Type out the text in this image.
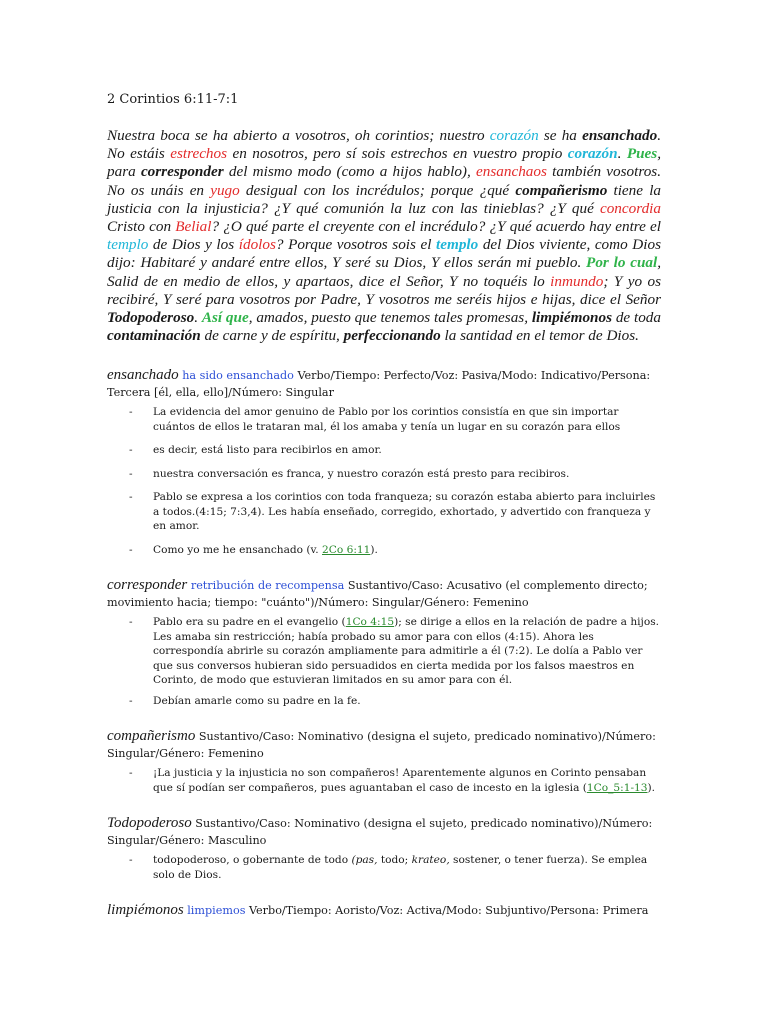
2 Corintios 6:11-7:1

Nuestra boca se ha abierto a vosotros, oh corintios; nuestro corazón se ha ensanchado. No estáis estrechos en nosotros, pero sí sois estrechos en vuestro propio corazón. Pues, para corresponder del mismo modo (como a hijos hablo), ensanchaos también vosotros. No os unáis en yugo desigual con los incrédulos; porque ¿qué compañerismo tiene la justicia con la injusticia? ¿Y qué comunión la luz con las tinieblas? ¿Y qué concordia Cristo con Belial? ¿O qué parte el creyente con el incrédulo? ¿Y qué acuerdo hay entre el templo de Dios y los ídolos? Porque vosotros sois el templo del Dios viviente, como Dios dijo: Habitaré y andaré entre ellos, Y seré su Dios, Y ellos serán mi pueblo. Por lo cual, Salid de en medio de ellos, y apartaos, dice el Señor, Y no toquéis lo inmundo; Y yo os recibiré, Y seré para vosotros por Padre, Y vosotros me seréis hijos e hijas, dice el Señor Todopoderoso. Así que, amados, puesto que tenemos tales promesas, limpiémonos de toda contaminación de carne y de espíritu, perfeccionando la santidad en el temor de Dios.

ensanchado ha sido ensanchado Verbo/Tiempo: Perfecto/Voz: Pasiva/Modo: Indicativo/Persona: Tercera [él, ella, ello]/Número: Singular

- La evidencia del amor genuino de Pablo por los corintios consistía en que sin importar cuántos de ellos le trataran mal, él los amaba y tenía un lugar en su corazón para ellos
- es decir, está listo para recibirlos en amor.
- nuestra conversación es franca, y nuestro corazón está presto para recibiros.
- Pablo se expresa a los corintios con toda franqueza; su corazón estaba abierto para incluirles a todos.(4:15; 7:3,4). Les había enseñado, corregido, exhortado, y advertido con franqueza y en amor.
- Como yo me he ensanchado (v. 2Co 6:11).

corresponder retribución de recompensa Sustantivo/Caso: Acusativo (el complemento directo; movimiento hacia; tiempo: "cuánto")/Número: Singular/Género: Femenino

- Pablo era su padre en el evangelio (1Co 4:15); se dirige a ellos en la relación de padre a hijos. Les amaba sin restricción; había probado su amor para con ellos (4:15). Ahora les correspondía abrirle su corazón ampliamente para admitirle a él (7:2). Le dolía a Pablo ver que sus conversos hubieran sido persuadidos en cierta medida por los falsos maestros en Corinto, de modo que estuvieran limitados en su amor para con él.
- Debían amarle como su padre en la fe.

compañerismo Sustantivo/Caso: Nominativo (designa el sujeto, predicado nominativo)/Número: Singular/Género: Femenino

- ¡La justicia y la injusticia no son compañeros! Aparentemente algunos en Corinto pensaban que sí podían ser compañeros, pues aguantaban el caso de incesto en la iglesia (1Co_5:1-13).

Todopoderoso Sustantivo/Caso: Nominativo (designa el sujeto, predicado nominativo)/Número: Singular/Género: Masculino

- todopoderoso, o gobernante de todo (pas, todo; krateo, sostener, o tener fuerza). Se emplea solo de Dios.

limpiémonos limpiemos Verbo/Tiempo: Aoristo/Voz: Activa/Modo: Subjuntivo/Persona: Primera
